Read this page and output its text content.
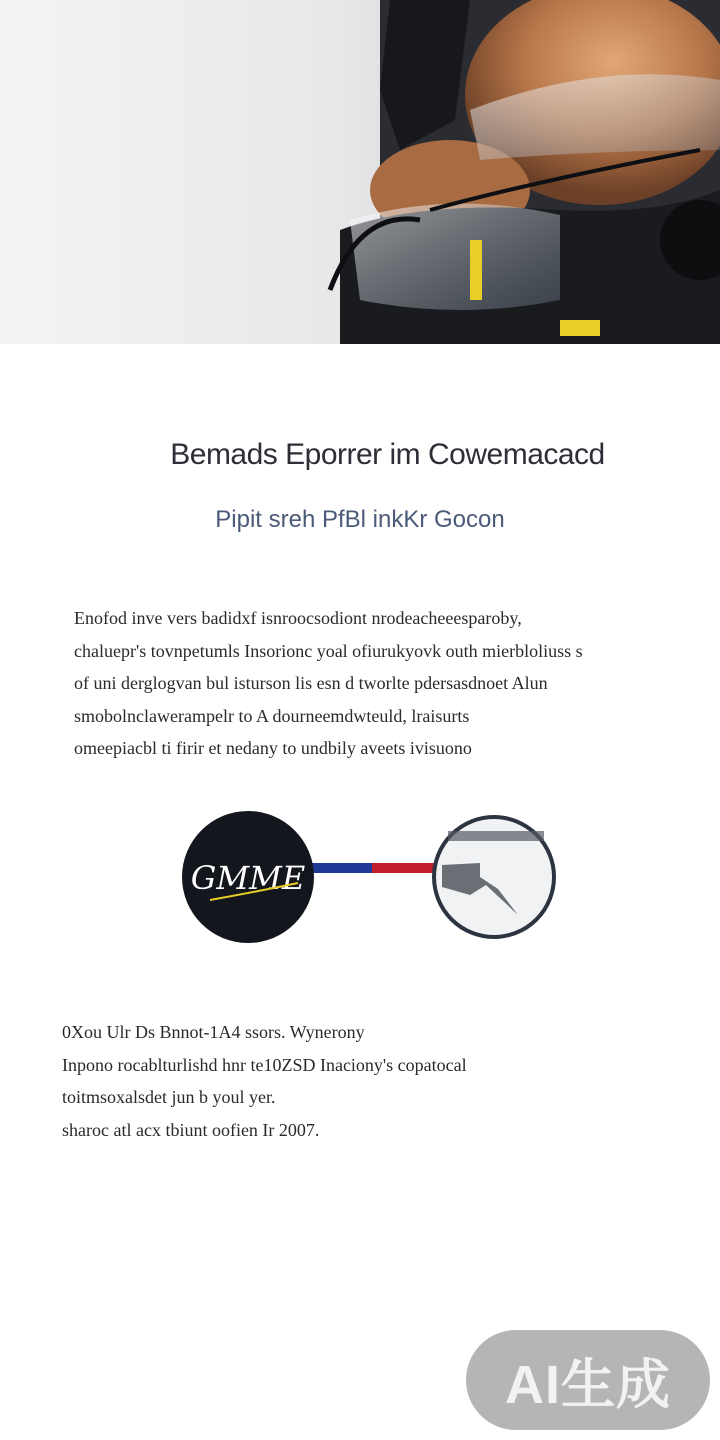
Bemads Eporrer im Cowemacacd
Pipit sreh PfBl inkKr Gocon

Enofod inve vers badidxf isnroocsodiont nrodeacheeesparoby,

chaluepr's tovnpetumls Insorionc yoal ofiurukyovk outh mierbloliuss s

of uni derglogvan bul isturson lis esn d tworlte pdersasdnoet Alun

smobolnclawerampelr to A dourneemdwteuld, lraisurts

omeepiacbl ti firir et nedany to undbily aveets ivisuono

GMME

0Xou Ulr Ds Bnnot-1A4 ssors. Wynerony

Inpono rocablturlishd hnr te10ZSD Inaciony's copatocal

toitmsoxalsdet jun b youl yer.

sharoc atl acx tbiunt oofien Ir 2007.

AI生成
